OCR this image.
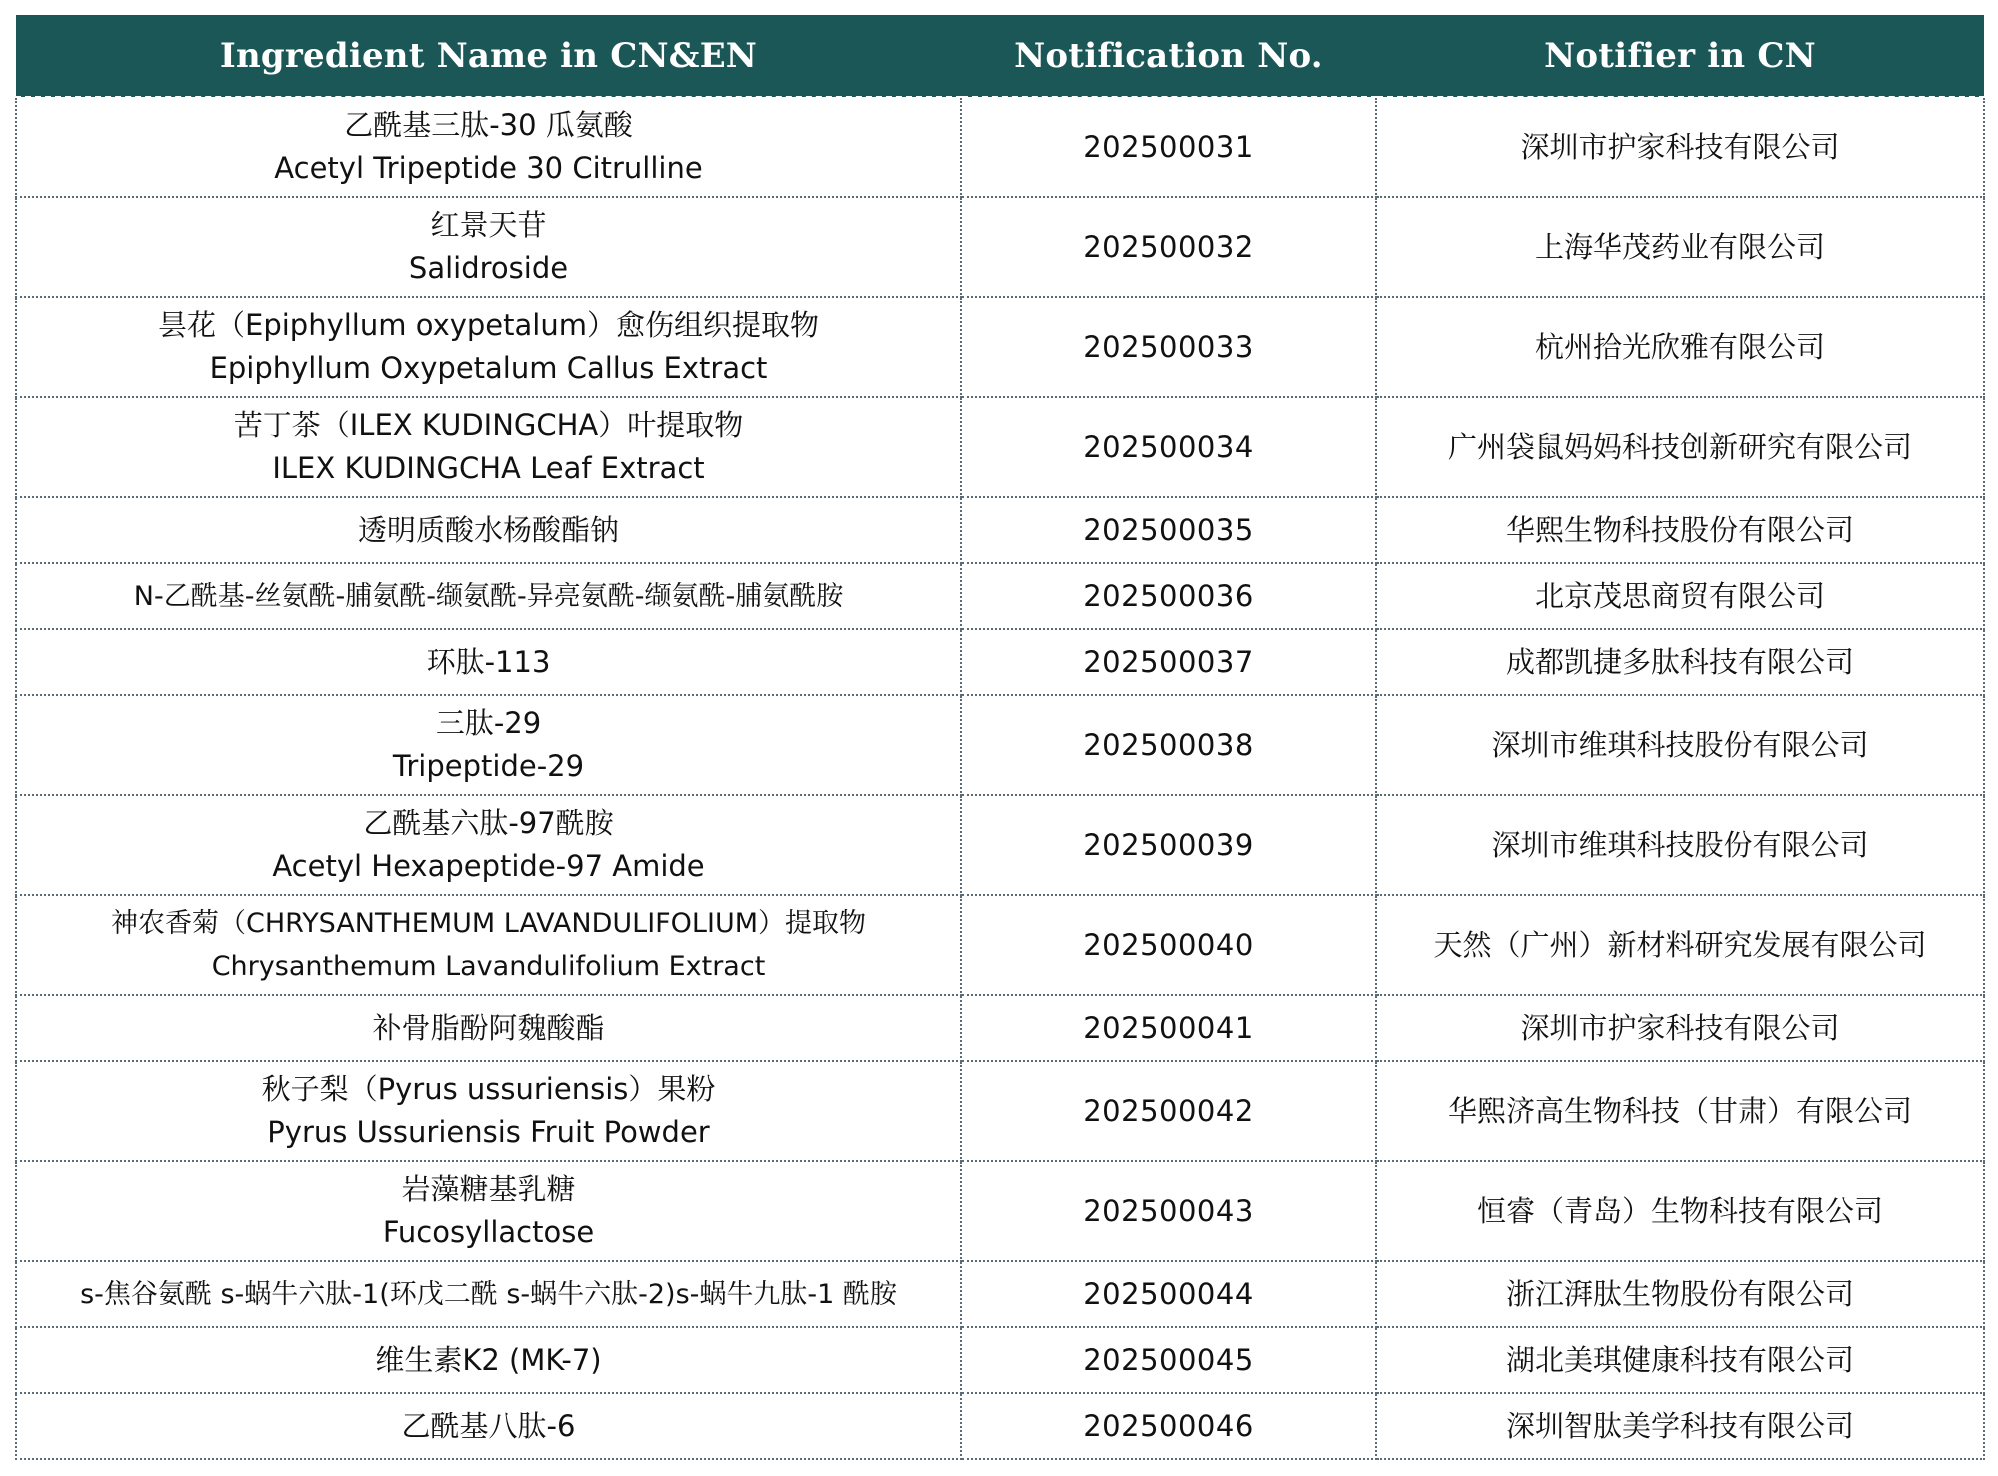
Ingredient Name in CN&EN	Notification No.	Notifier in CN

乙酰基三肽-30 瓜氨酸
Acetyl Tripeptide 30 Citrulline	202500031	深圳市护家科技有限公司

红景天苷
Salidroside	202500032	上海华茂药业有限公司

昙花（Epiphyllum oxypetalum）愈伤组织提取物
Epiphyllum Oxypetalum Callus Extract	202500033	杭州拾光欣雅有限公司

苦丁茶（ILEX KUDINGCHA）叶提取物
ILEX KUDINGCHA Leaf Extract	202500034	广州袋鼠妈妈科技创新研究有限公司

透明质酸水杨酸酯钠	202500035	华熙生物科技股份有限公司

N-乙酰基-丝氨酰-脯氨酰-缬氨酰-异亮氨酰-缬氨酰-脯氨酰胺	202500036	北京茂思商贸有限公司

环肽-113	202500037	成都凯捷多肽科技有限公司

三肽-29
Tripeptide-29	202500038	深圳市维琪科技股份有限公司

乙酰基六肽-97酰胺
Acetyl Hexapeptide-97 Amide	202500039	深圳市维琪科技股份有限公司

神农香菊（CHRYSANTHEMUM LAVANDULIFOLIUM）提取物
Chrysanthemum Lavandulifolium Extract	202500040	天然（广州）新材料研究发展有限公司

补骨脂酚阿魏酸酯	202500041	深圳市护家科技有限公司

秋子梨（Pyrus ussuriensis）果粉
Pyrus Ussuriensis Fruit Powder	202500042	华熙济高生物科技（甘肃）有限公司

岩藻糖基乳糖
Fucosyllactose	202500043	恒睿（青岛）生物科技有限公司

s-焦谷氨酰 s-蜗牛六肽-1(环戊二酰 s-蜗牛六肽-2)s-蜗牛九肽-1 酰胺	202500044	浙江湃肽生物股份有限公司

维生素K2 (MK-7)	202500045	湖北美琪健康科技有限公司

乙酰基八肽-6	202500046	深圳智肽美学科技有限公司
